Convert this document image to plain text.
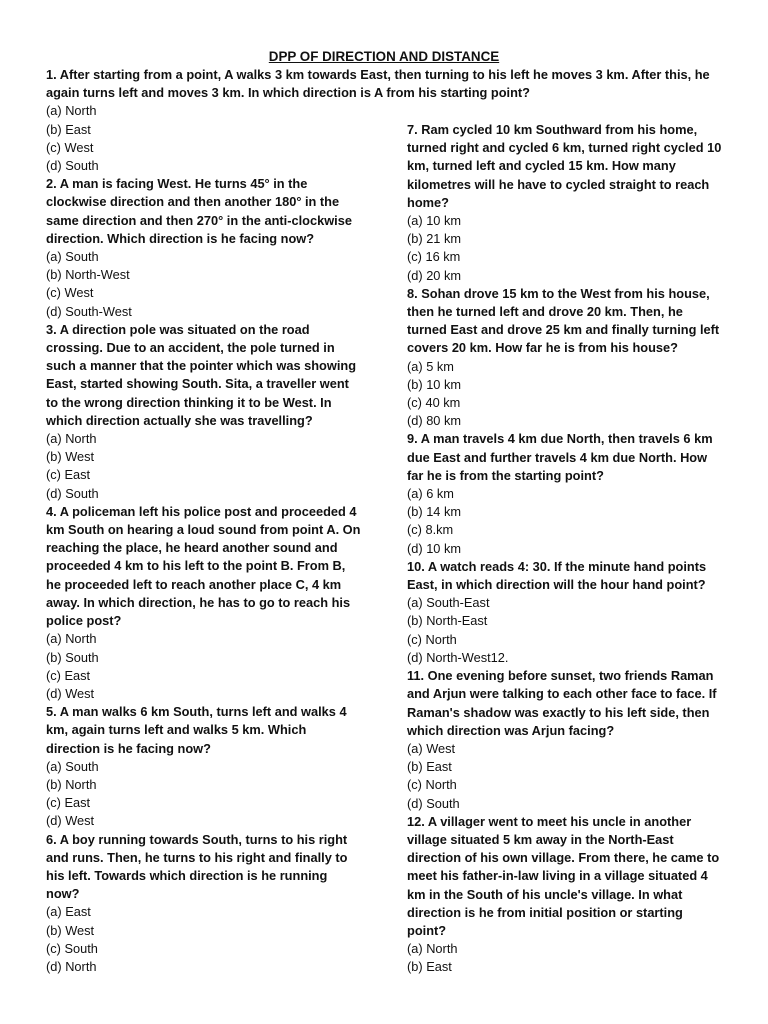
DPP OF DIRECTION AND DISTANCE
1. After starting from a point, A walks 3 km towards East, then turning to his left he moves 3 km. After this, he again turns left and moves 3 km. In which direction is A from his starting point?
(a) North
(b) East
(c) West
(d) South
2. A man is facing West. He turns 45° in the clockwise direction and then another 180° in the same direction and then 270° in the anti-clockwise direction. Which direction is he facing now?
(a) South
(b) North-West
(c) West
(d) South-West
3. A direction pole was situated on the road crossing. Due to an accident, the pole turned in such a manner that the pointer which was showing East, started showing South. Sita, a traveller went to the wrong direction thinking it to be West. In which direction actually she was travelling?
(a) North
(b) West
(c) East
(d) South
4. A policeman left his police post and proceeded 4 km South on hearing a loud sound from point A. On reaching the place, he heard another sound and proceeded 4 km to his left to the point B. From B, he proceeded left to reach another place C, 4 km away. In which direction, he has to go to reach his police post?
(a) North
(b) South
(c) East
(d) West
5. A man walks 6 km South, turns left and walks 4 km, again turns left and walks 5 km. Which direction is he facing now?
(a) South
(b) North
(c) East
(d) West
6. A boy running towards South, turns to his right and runs. Then, he turns to his right and finally to his left. Towards which direction is he running now?
(a) East
(b) West
(c) South
(d) North
7. Ram cycled 10 km Southward from his home, turned right and cycled 6 km, turned right cycled 10 km, turned left and cycled 15 km. How many kilometres will he have to cycled straight to reach home?
(a) 10 km
(b) 21 km
(c) 16 km
(d) 20 km
8. Sohan drove 15 km to the West from his house, then he turned left and drove 20 km. Then, he turned East and drove 25 km and finally turning left covers 20 km. How far he is from his house?
(a) 5 km
(b) 10 km
(c) 40 km
(d) 80 km
9. A man travels 4 km due North, then travels 6 km due East and further travels 4 km due North. How far he is from the starting point?
(a) 6 km
(b) 14 km
(c) 8.km
(d) 10 km
10. A watch reads 4: 30. If the minute hand points East, in which direction will the hour hand point?
(a) South-East
(b) North-East
(c) North
(d) North-West12.
11. One evening before sunset, two friends Raman and Arjun were talking to each other face to face. If Raman's shadow was exactly to his left side, then which direction was Arjun facing?
(a) West
(b) East
(c) North
(d) South
12. A villager went to meet his uncle in another village situated 5 km away in the North-East direction of his own village. From there, he came to meet his father-in-law living in a village situated 4 km in the South of his uncle's village. In what direction is he from initial position or starting point?
(a) North
(b) East
